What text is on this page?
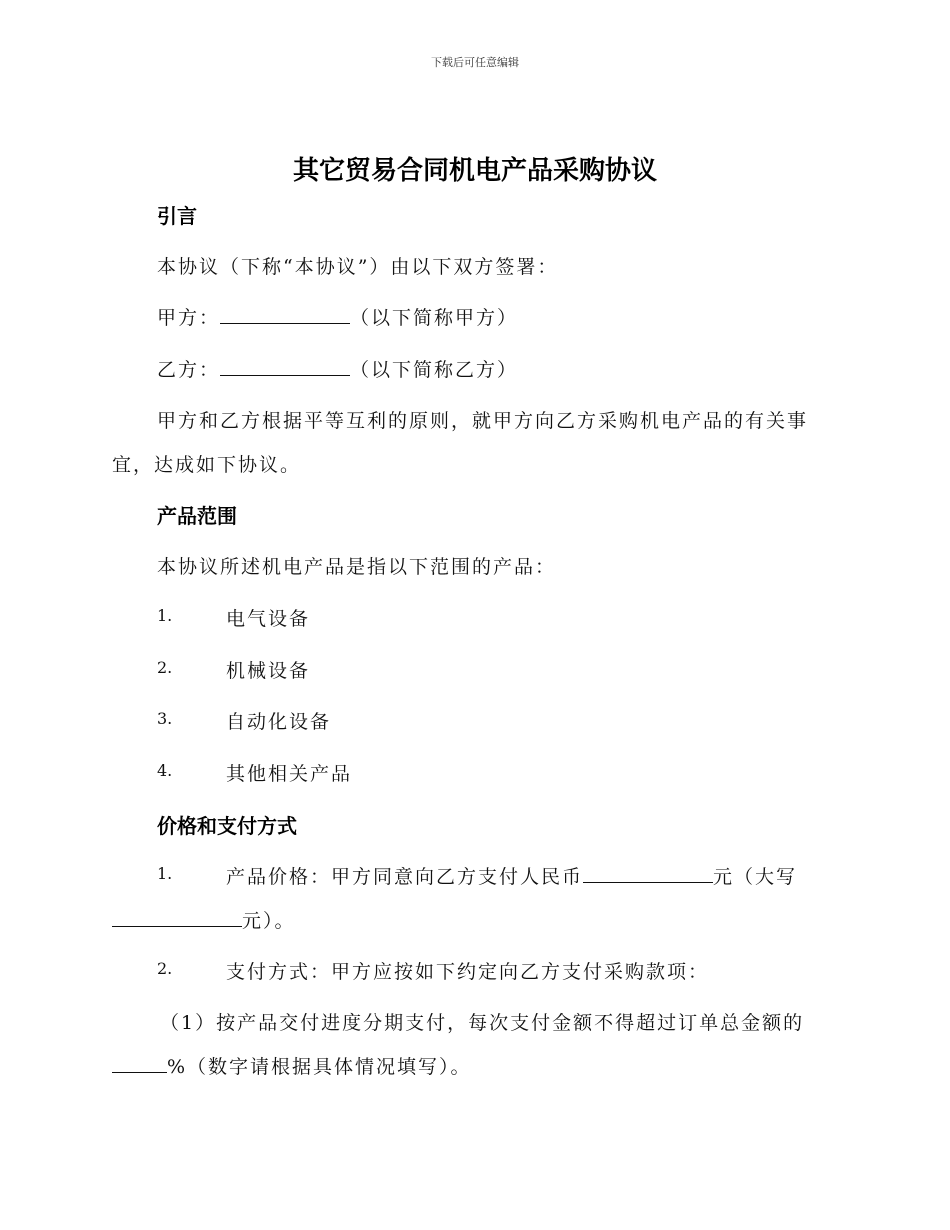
下载后可任意编辑
其它贸易合同机电产品采购协议
引言
本协议（下称“本协议”）由以下双方签署：
甲方：	（以下简称甲方）
乙方：	（以下简称乙方）
甲方和乙方根据平等互利的原则，就甲方向乙方采购机电产品的有关事
宜，达成如下协议。
产品范围
本协议所述机电产品是指以下范围的产品：
1.	电气设备
2.	机械设备
3.	自动化设备
4.	其他相关产品
价格和支付方式
1.	产品价格：甲方同意向乙方支付人民币	元（大写
元）。
2.	支付方式：甲方应按如下约定向乙方支付采购款项：
（1）按产品交付进度分期支付，每次支付金额不得超过订单总金额的
%（数字请根据具体情况填写）。
